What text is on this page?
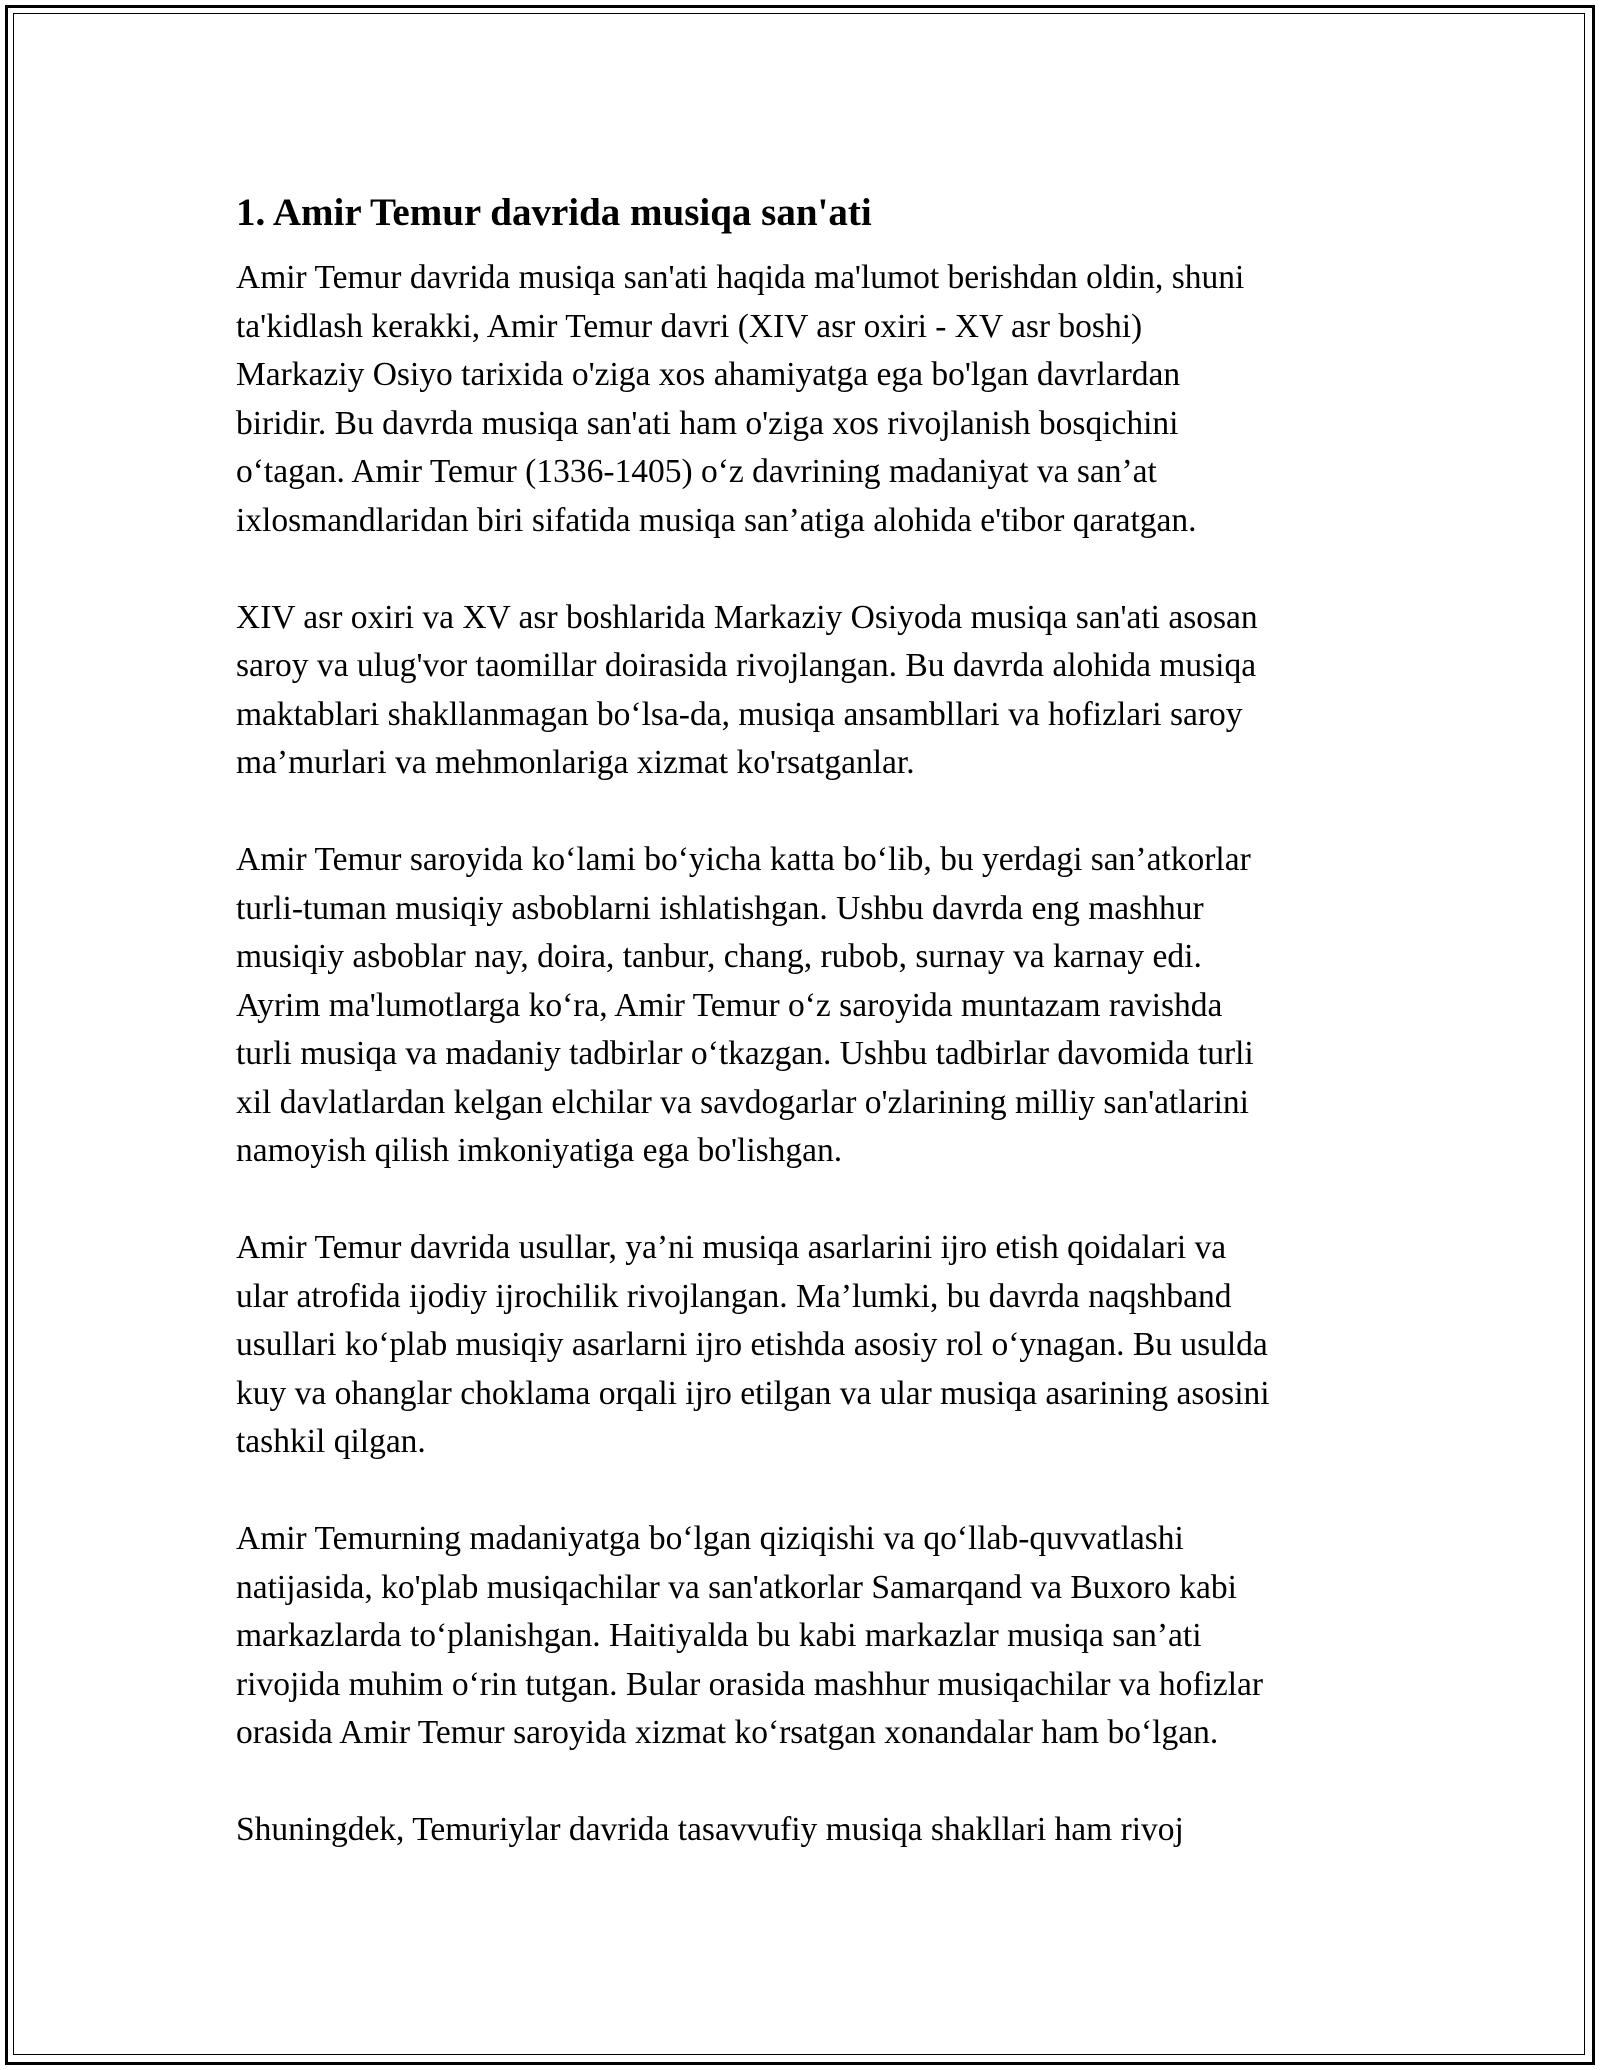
1. Amir Temur davrida musiqa san'ati

Amir Temur davrida musiqa san'ati haqida ma'lumot berishdan oldin, shuni
ta'kidlash kerakki, Amir Temur davri (XIV asr oxiri - XV asr boshi)
Markaziy Osiyo tarixida o'ziga xos ahamiyatga ega bo'lgan davrlardan
biridir. Bu davrda musiqa san'ati ham o'ziga xos rivojlanish bosqichini
o‘tagan. Amir Temur (1336-1405) o‘z davrining madaniyat va san’at
ixlosmandlaridan biri sifatida musiqa san’atiga alohida e'tibor qaratgan.

XIV asr oxiri va XV asr boshlarida Markaziy Osiyoda musiqa san'ati asosan
saroy va ulug'vor taomillar doirasida rivojlangan. Bu davrda alohida musiqa
maktablari shakllanmagan bo‘lsa-da, musiqa ansambllari va hofizlari saroy
ma’murlari va mehmonlariga xizmat ko'rsatganlar.

Amir Temur saroyida ko‘lami bo‘yicha katta bo‘lib, bu yerdagi san’atkorlar
turli-tuman musiqiy asboblarni ishlatishgan. Ushbu davrda eng mashhur
musiqiy asboblar nay, doira, tanbur, chang, rubob, surnay va karnay edi.
Ayrim ma'lumotlarga ko‘ra, Amir Temur o‘z saroyida muntazam ravishda
turli musiqa va madaniy tadbirlar o‘tkazgan. Ushbu tadbirlar davomida turli
xil davlatlardan kelgan elchilar va savdogarlar o'zlarining milliy san'atlarini
namoyish qilish imkoniyatiga ega bo'lishgan.

Amir Temur davrida usullar, ya’ni musiqa asarlarini ijro etish qoidalari va
ular atrofida ijodiy ijrochilik rivojlangan. Ma’lumki, bu davrda naqshband
usullari ko‘plab musiqiy asarlarni ijro etishda asosiy rol o‘ynagan. Bu usulda
kuy va ohanglar choklama orqali ijro etilgan va ular musiqa asarining asosini
tashkil qilgan.

Amir Temurning madaniyatga bo‘lgan qiziqishi va qo‘llab-quvvatlashi
natijasida, ko'plab musiqachilar va san'atkorlar Samarqand va Buxoro kabi
markazlarda to‘planishgan. Haitiyalda bu kabi markazlar musiqa san’ati
rivojida muhim o‘rin tutgan. Bular orasida mashhur musiqachilar va hofizlar
orasida Amir Temur saroyida xizmat ko‘rsatgan xonandalar ham bo‘lgan.

Shuningdek, Temuriylar davrida tasavvufiy musiqa shakllari ham rivoj
